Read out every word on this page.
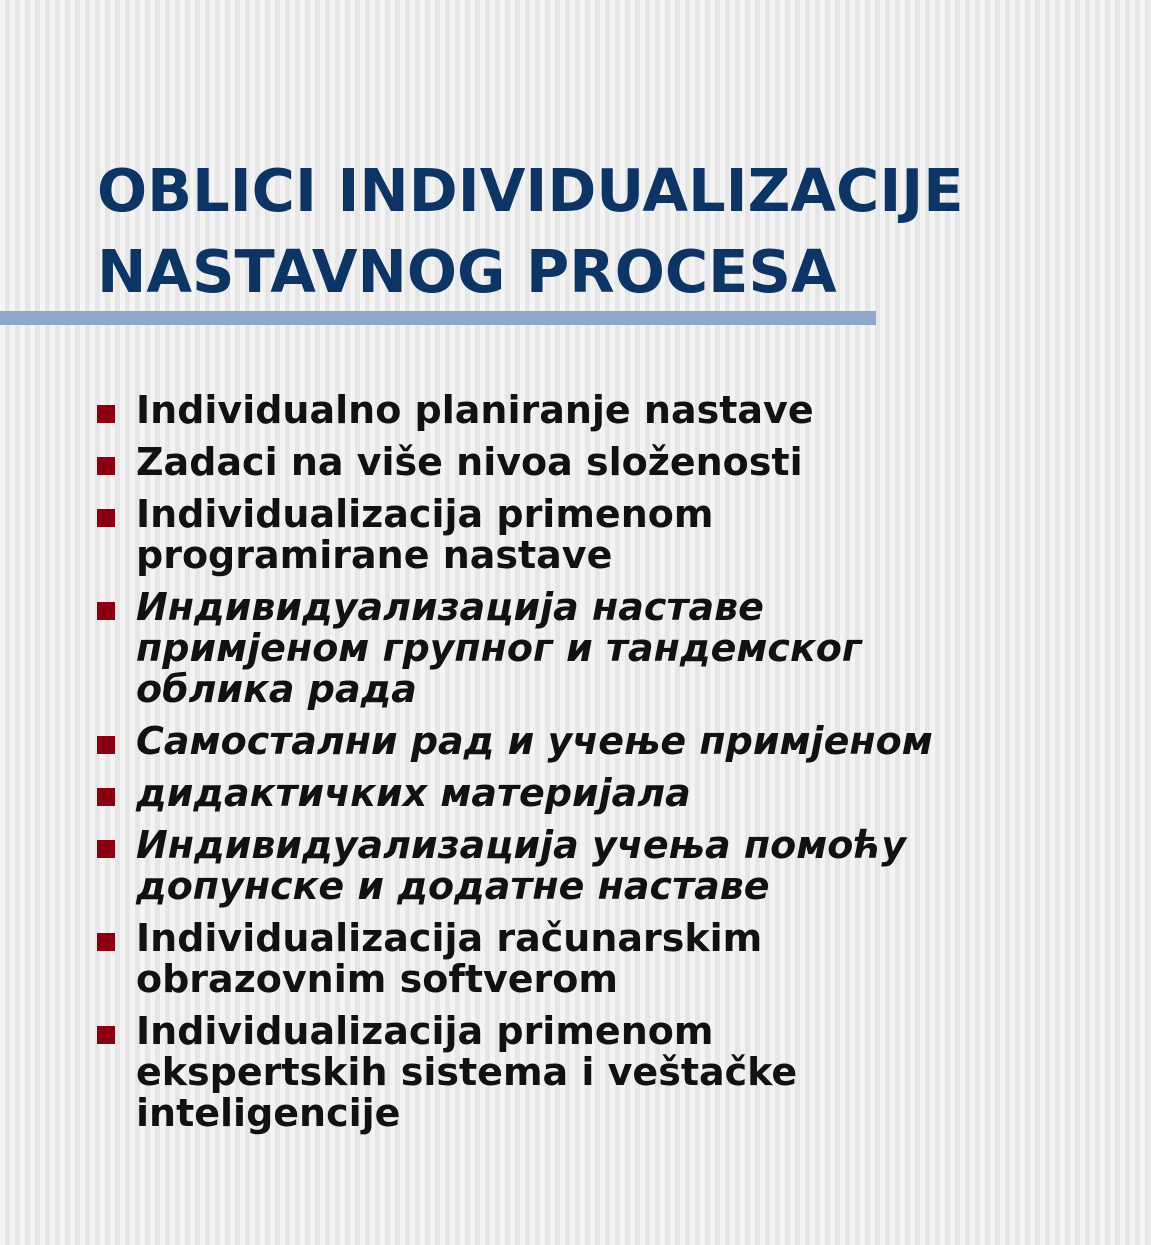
OBLICI INDIVIDUALIZACIJE
NASTAVNOG PROCESA
Individualno planiranje nastave
Zadaci na više nivoa složenosti
Individualizacija primenom
programirane nastave
Индивидуализација наставе
примјеном групног и тандемског
облика рада
Самостални рад и учење примјеном
дидактичких материјала
Индивидуализација учења помоћу
допунске и додатне наставе
Individualizacija računarskim
obrazovnim softverom
Individualizacija primenom
ekspertskih sistema i veštačke
inteligencije
